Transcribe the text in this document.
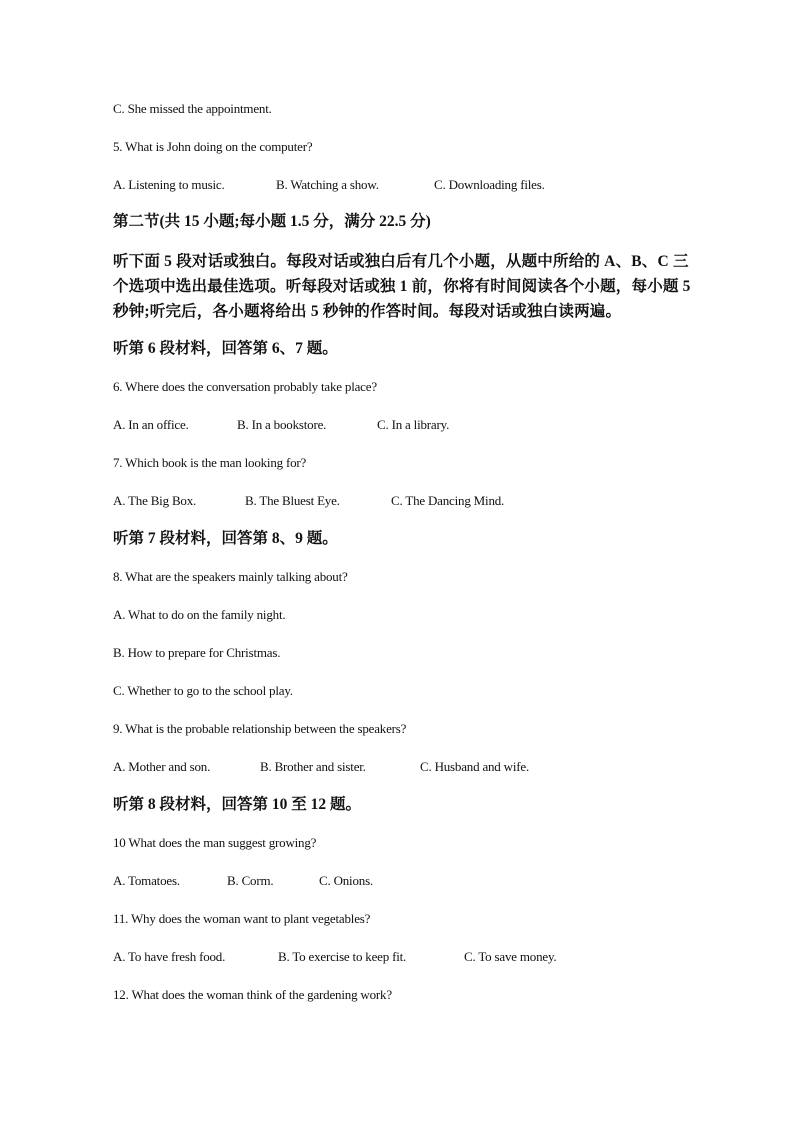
C. She missed the appointment.
5. What is John doing on the computer?
A. Listening to music.	B. Watching a show.	C. Downloading files.
第二节(共 15 小题;每小题 1.5 分，满分 22.5 分)
听下面 5 段对话或独白。每段对话或独白后有几个小题，从题中所给的 A、B、C 三
个选项中选出最佳选项。听每段对话或独 1 前，你将有时间阅读各个小题，每小题 5
秒钟;听完后，各小题将给出 5 秒钟的作答时间。每段对话或独白读两遍。
听第 6 段材料，回答第 6、7 题。
6. Where does the conversation probably take place?
A. In an office.	B. In a bookstore.	C. In a library.
7. Which book is the man looking for?
A. The Big Box.	B. The Bluest Eye.	C. The Dancing Mind.
听第 7 段材料，回答第 8、9 题。
8. What are the speakers mainly talking about?
A. What to do on the family night.
B. How to prepare for Christmas.
C. Whether to go to the school play.
9. What is the probable relationship between the speakers?
A. Mother and son.	B. Brother and sister.	C. Husband and wife.
听第 8 段材料，回答第 10 至 12 题。
10 What does the man suggest growing?
A. Tomatoes.	B. Corm.	C. Onions.
11. Why does the woman want to plant vegetables?
A. To have fresh food.	B. To exercise to keep fit.	C. To save money.
12. What does the woman think of the gardening work?
